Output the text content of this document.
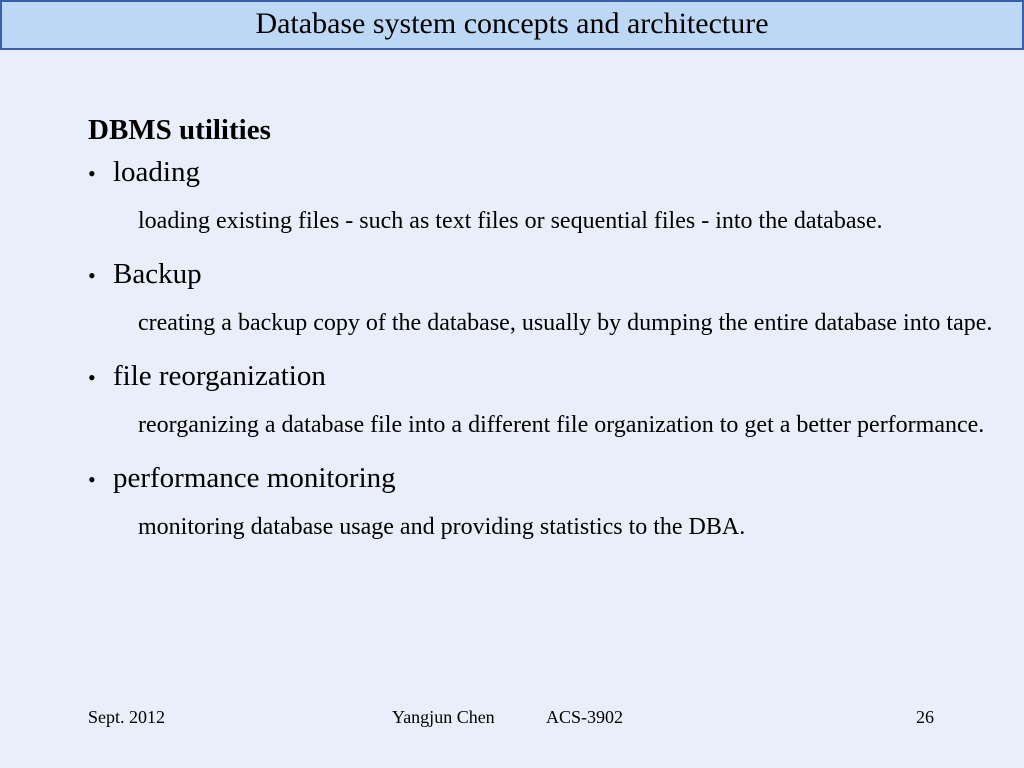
Database system concepts and architecture
DBMS utilities
• loading
loading existing files - such as text files or sequential files - into the database.
• Backup
creating a backup copy of the database, usually by dumping the entire database into tape.
• file reorganization
reorganizing a database file into a different file organization to get a better performance.
• performance monitoring
monitoring database usage and providing statistics to the DBA.
Sept. 2012	Yangjun Chen	ACS-3902	26
